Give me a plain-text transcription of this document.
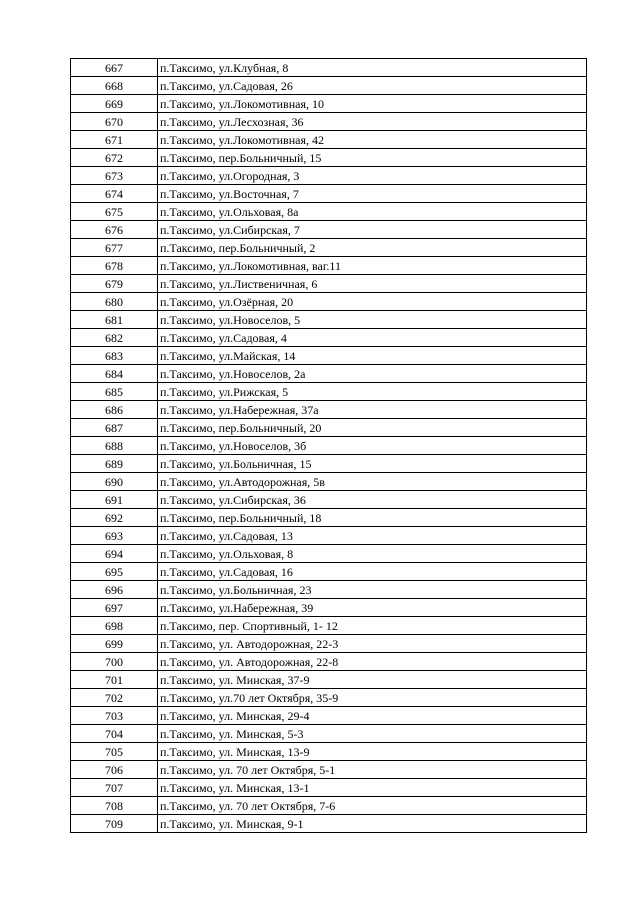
667	п.Таксимо, ул.Клубная, 8
668	п.Таксимо, ул.Садовая, 26
669	п.Таксимо, ул.Локомотивная, 10
670	п.Таксимо, ул.Лесхозная, 36
671	п.Таксимо, ул.Локомотивная, 42
672	п.Таксимо, пер.Больничный, 15
673	п.Таксимо, ул.Огородная, 3
674	п.Таксимо, ул.Восточная, 7
675	п.Таксимо, ул.Ольховая, 8а
676	п.Таксимо, ул.Сибирская, 7
677	п.Таксимо, пер.Больничный, 2
678	п.Таксимо, ул.Локомотивная, ваг.11
679	п.Таксимо, ул.Лиственичная, 6
680	п.Таксимо, ул.Озёрная, 20
681	п.Таксимо, ул.Новоселов, 5
682	п.Таксимо, ул.Садовая, 4
683	п.Таксимо, ул.Майская, 14
684	п.Таксимо, ул.Новоселов, 2а
685	п.Таксимо, ул.Рижская, 5
686	п.Таксимо, ул.Набережная, 37а
687	п.Таксимо, пер.Больничный, 20
688	п.Таксимо, ул.Новоселов, 3б
689	п.Таксимо, ул.Больничная, 15
690	п.Таксимо, ул.Автодорожная, 5в
691	п.Таксимо, ул.Сибирская, 36
692	п.Таксимо, пер.Больничный, 18
693	п.Таксимо, ул.Садовая, 13
694	п.Таксимо, ул.Ольховая, 8
695	п.Таксимо, ул.Садовая, 16
696	п.Таксимо, ул.Больничная, 23
697	п.Таксимо, ул.Набережная, 39
698	п.Таксимо, пер. Спортивный, 1- 12
699	п.Таксимо, ул. Автодорожная, 22-3
700	п.Таксимо, ул. Автодорожная, 22-8
701	п.Таксимо, ул. Минская, 37-9
702	п.Таксимо, ул.70 лет Октября, 35-9
703	п.Таксимо, ул. Минская, 29-4
704	п.Таксимо, ул. Минская, 5-3
705	п.Таксимо, ул. Минская, 13-9
706	п.Таксимо, ул. 70 лет Октября, 5-1
707	п.Таксимо, ул. Минская, 13-1
708	п.Таксимо, ул. 70 лет Октября, 7-6
709	п.Таксимо, ул. Минская, 9-1
